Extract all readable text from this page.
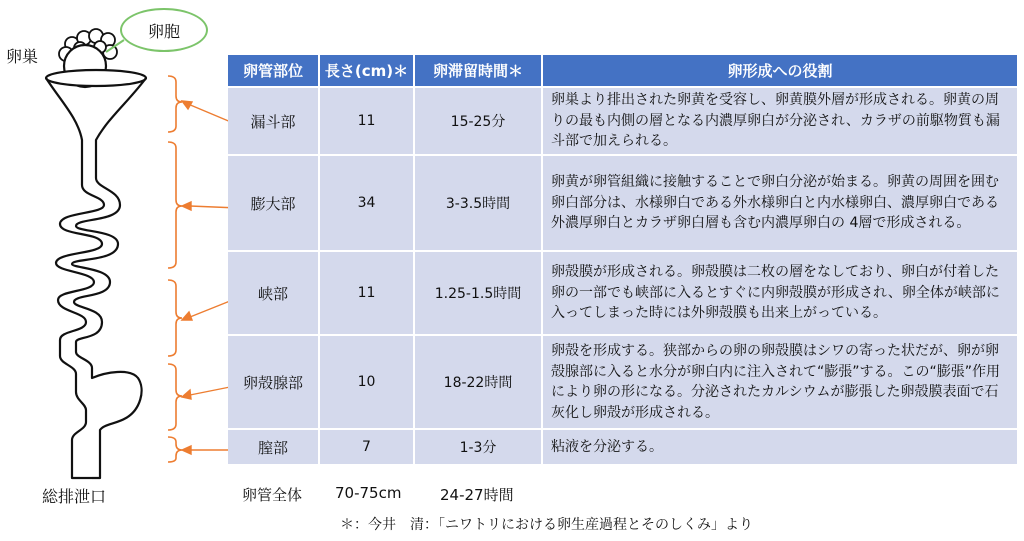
卵巣
卵胞
総排泄口
卵管部位	長さ(cm)＊	卵滞留時間＊	卵形成への役割
漏斗部	11	15-25分	卵巣より排出された卵黄を受容し、卵黄膜外層が形成される。卵黄の周りの最も内側の層となる内濃厚卵白が分泌され、カラザの前駆物質も漏斗部で加えられる。
膨大部	34	3-3.5時間	卵黄が卵管組織に接触することで卵白分泌が始まる。卵黄の周囲を囲む卵白部分は、水様卵白である外水様卵白と内水様卵白、濃厚卵白である外濃厚卵白とカラザ卵白層も含む内濃厚卵白の 4層で形成される。
峡部	11	1.25-1.5時間	卵殻膜が形成される。卵殻膜は二枚の層をなしており、卵白が付着した卵の一部でも峡部に入るとすぐに内卵殻膜が形成され、卵全体が峡部に入ってしまった時には外卵殻膜も出来上がっている。
卵殻腺部	10	18-22時間	卵殻を形成する。狭部からの卵の卵殻膜はシワの寄った状だが、卵が卵殻腺部に入ると水分が卵白内に注入されて“膨張”する。この“膨張”作用により卵の形になる。分泌されたカルシウムが膨張した卵殻膜表面で石灰化し卵殻が形成される。
膣部	7	1-3分	粘液を分泌する。
卵管全体 70-75cm	24-27時間
＊：今井　清：「ニワトリにおける卵生産過程とそのしくみ」より
